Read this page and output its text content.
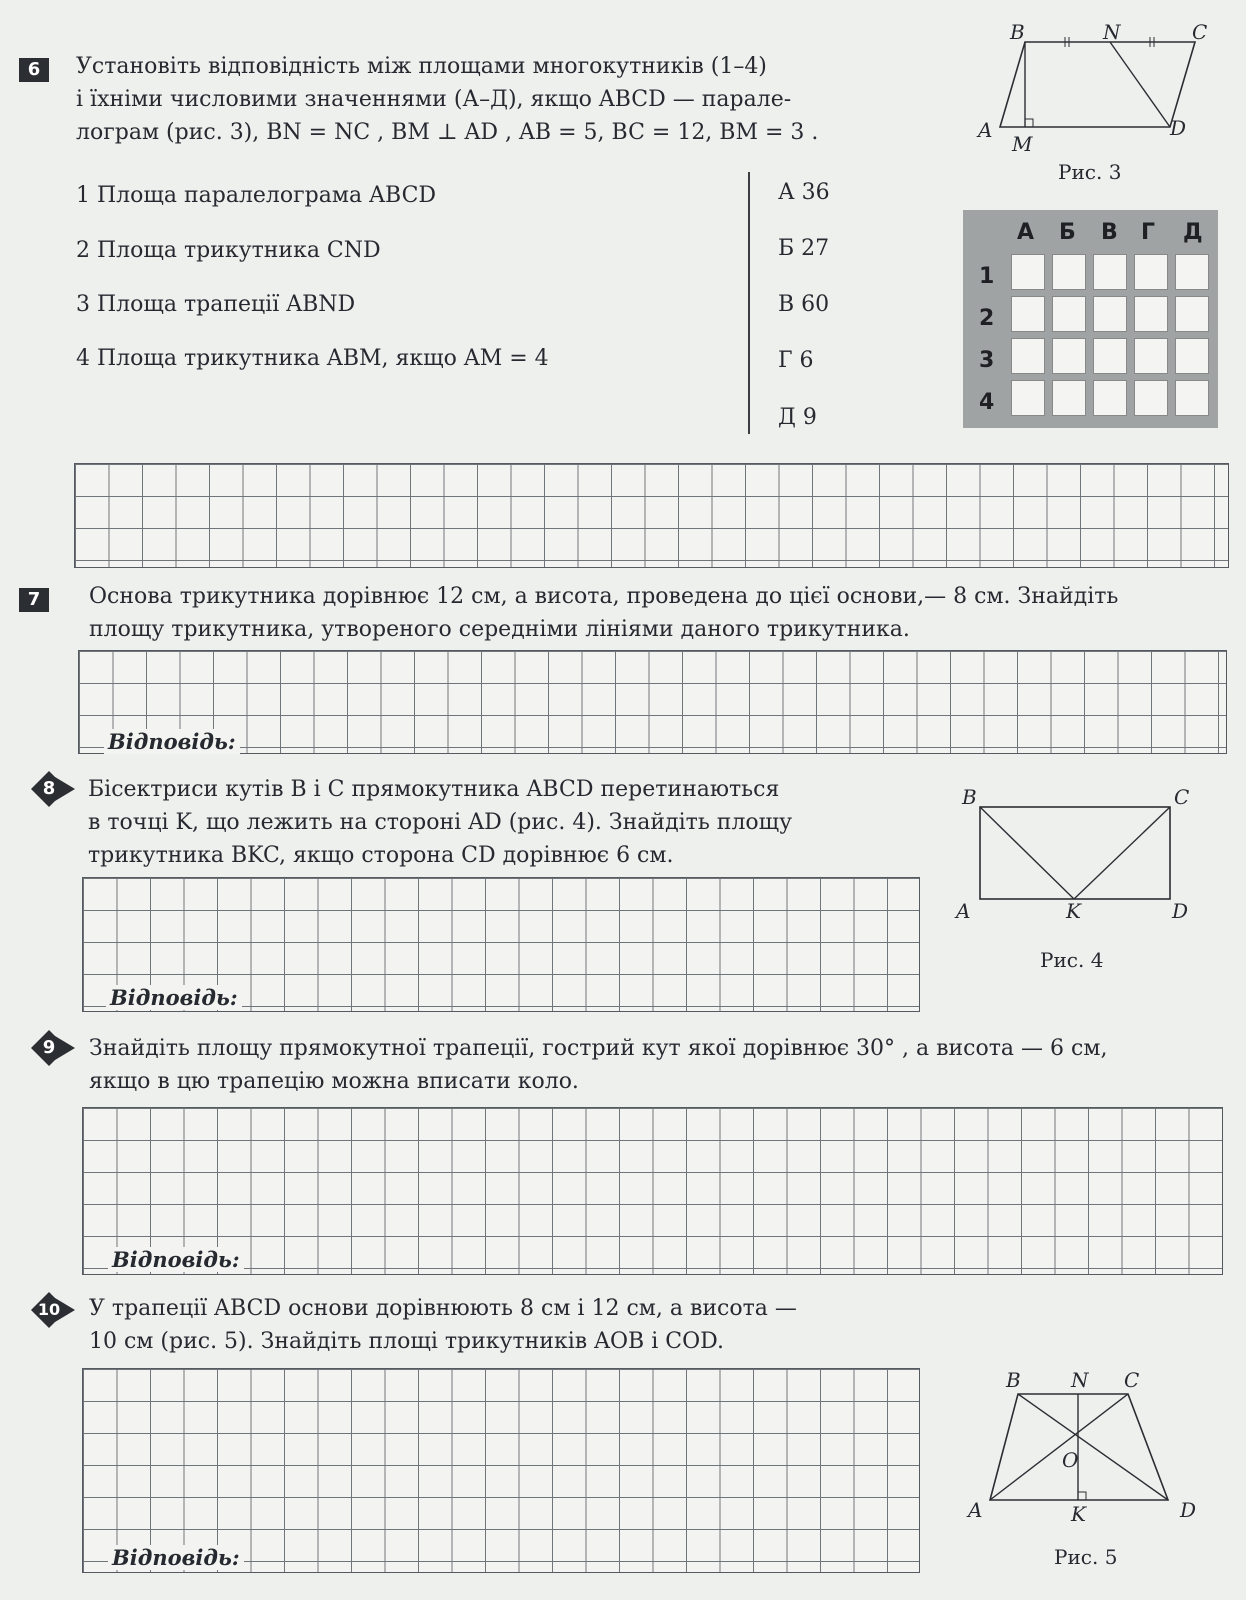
6	Установіть відповідність між площами многокутників (1–4)
і їхніми числовими значеннями (А–Д), якщо ABCD — парале-
лограм (рис. 3), BN = NC , BM ⊥ AD , AB = 5, BC = 12, BM = 3 .
B	N	C
A
M
D
Рис. 3
1 Площа паралелограма ABCD
2 Площа трикутника CND
3 Площа трапеції ABND
4 Площа трикутника ABM, якщо AM = 4
А 36
Б 27
В 60
Г 6
Д 9
А Б В Г Д
1
2
3
4
7	Основа трикутника дорівнює 12 см, а висота, проведена до цієї основи,— 8 см. Знайдіть
площу трикутника, утвореного середніми лініями даного трикутника.
Відповідь:
8	Бісектриси кутів B і C прямокутника ABCD перетинаються
в точці K, що лежить на стороні AD (рис. 4). Знайдіть площу
трикутника BKC, якщо сторона CD дорівнює 6 см.
Відповідь:
B	C
A	K	D
Рис. 4
9	Знайдіть площу прямокутної трапеції, гострий кут якої дорівнює 30° , а висота — 6 см,
якщо в цю трапецію можна вписати коло.
Відповідь:
10	У трапеції ABCD основи дорівнюють 8 см і 12 см, а висота —
10 см (рис. 5). Знайдіть площі трикутників AOB і COD.
Відповідь:
B	N C
O
A	K	D
Рис. 5
